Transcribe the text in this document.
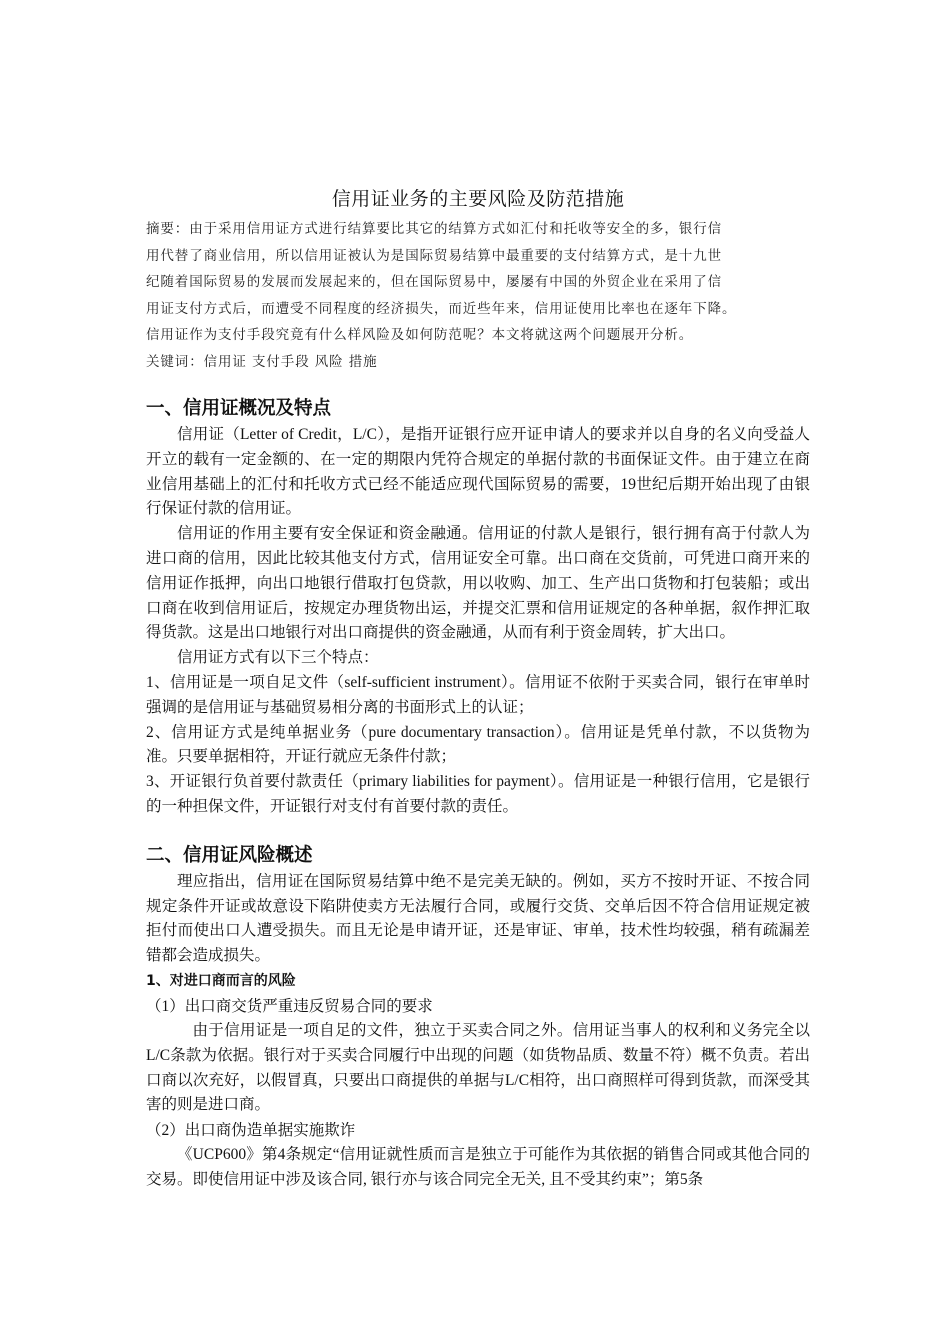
信用证业务的主要风险及防范措施

摘要：由于采用信用证方式进行结算要比其它的结算方式如汇付和托收等安全的多，银行信

用代替了商业信用，所以信用证被认为是国际贸易结算中最重要的支付结算方式，是十九世

纪随着国际贸易的发展而发展起来的，但在国际贸易中，屡屡有中国的外贸企业在采用了信

用证支付方式后，而遭受不同程度的经济损失，而近些年来，信用证使用比率也在逐年下降。

信用证作为支付手段究竟有什么样风险及如何防范呢？本文将就这两个问题展开分析。

关键词：信用证 支付手段 风险 措施
一、信用证概况及特点

信用证（Letter of Credit，L/C），是指开证银行应开证申请人的要求并以自身的名义向受益人开立的载有一定金额的、在一定的期限内凭符合规定的单据付款的书面保证文件。由于建立在商业信用基础上的汇付和托收方式已经不能适应现代国际贸易的需要，19世纪后期开始出现了由银行保证付款的信用证。

信用证的作用主要有安全保证和资金融通。信用证的付款人是银行，银行拥有高于付款人为进口商的信用，因此比较其他支付方式，信用证安全可靠。出口商在交货前，可凭进口商开来的信用证作抵押，向出口地银行借取打包贷款，用以收购、加工、生产出口货物和打包装船；或出口商在收到信用证后，按规定办理货物出运，并提交汇票和信用证规定的各种单据，叙作押汇取得货款。这是出口地银行对出口商提供的资金融通，从而有利于资金周转，扩大出口。

信用证方式有以下三个特点：

1、信用证是一项自足文件（self-sufficient instrument）。信用证不依附于买卖合同，银行在审单时强调的是信用证与基础贸易相分离的书面形式上的认证；

2、信用证方式是纯单据业务（pure documentary transaction）。信用证是凭单付款，不以货物为准。只要单据相符，开证行就应无条件付款；

3、开证银行负首要付款责任（primary liabilities for payment）。信用证是一种银行信用，它是银行的一种担保文件，开证银行对支付有首要付款的责任。

二、信用证风险概述

理应指出，信用证在国际贸易结算中绝不是完美无缺的。例如，买方不按时开证、不按合同规定条件开证或故意设下陷阱使卖方无法履行合同，或履行交货、交单后因不符合信用证规定被拒付而使出口人遭受损失。而且无论是申请开证，还是审证、审单，技术性均较强，稍有疏漏差错都会造成损失。

1、对进口商而言的风险
（1）出口商交货严重违反贸易合同的要求

由于信用证是一项自足的文件，独立于买卖合同之外。信用证当事人的权利和义务完全以L/C条款为依据。银行对于买卖合同履行中出现的问题（如货物品质、数量不符）概不负责。若出口商以次充好，以假冒真，只要出口商提供的单据与L/C相符，出口商照样可得到货款，而深受其害的则是进口商。

（2）出口商伪造单据实施欺诈

《UCP600》第4条规定“信用证就性质而言是独立于可能作为其依据的销售合同或其他合同的交易。即使信用证中涉及该合同, 银行亦与该合同完全无关, 且不受其约束”；第5条
